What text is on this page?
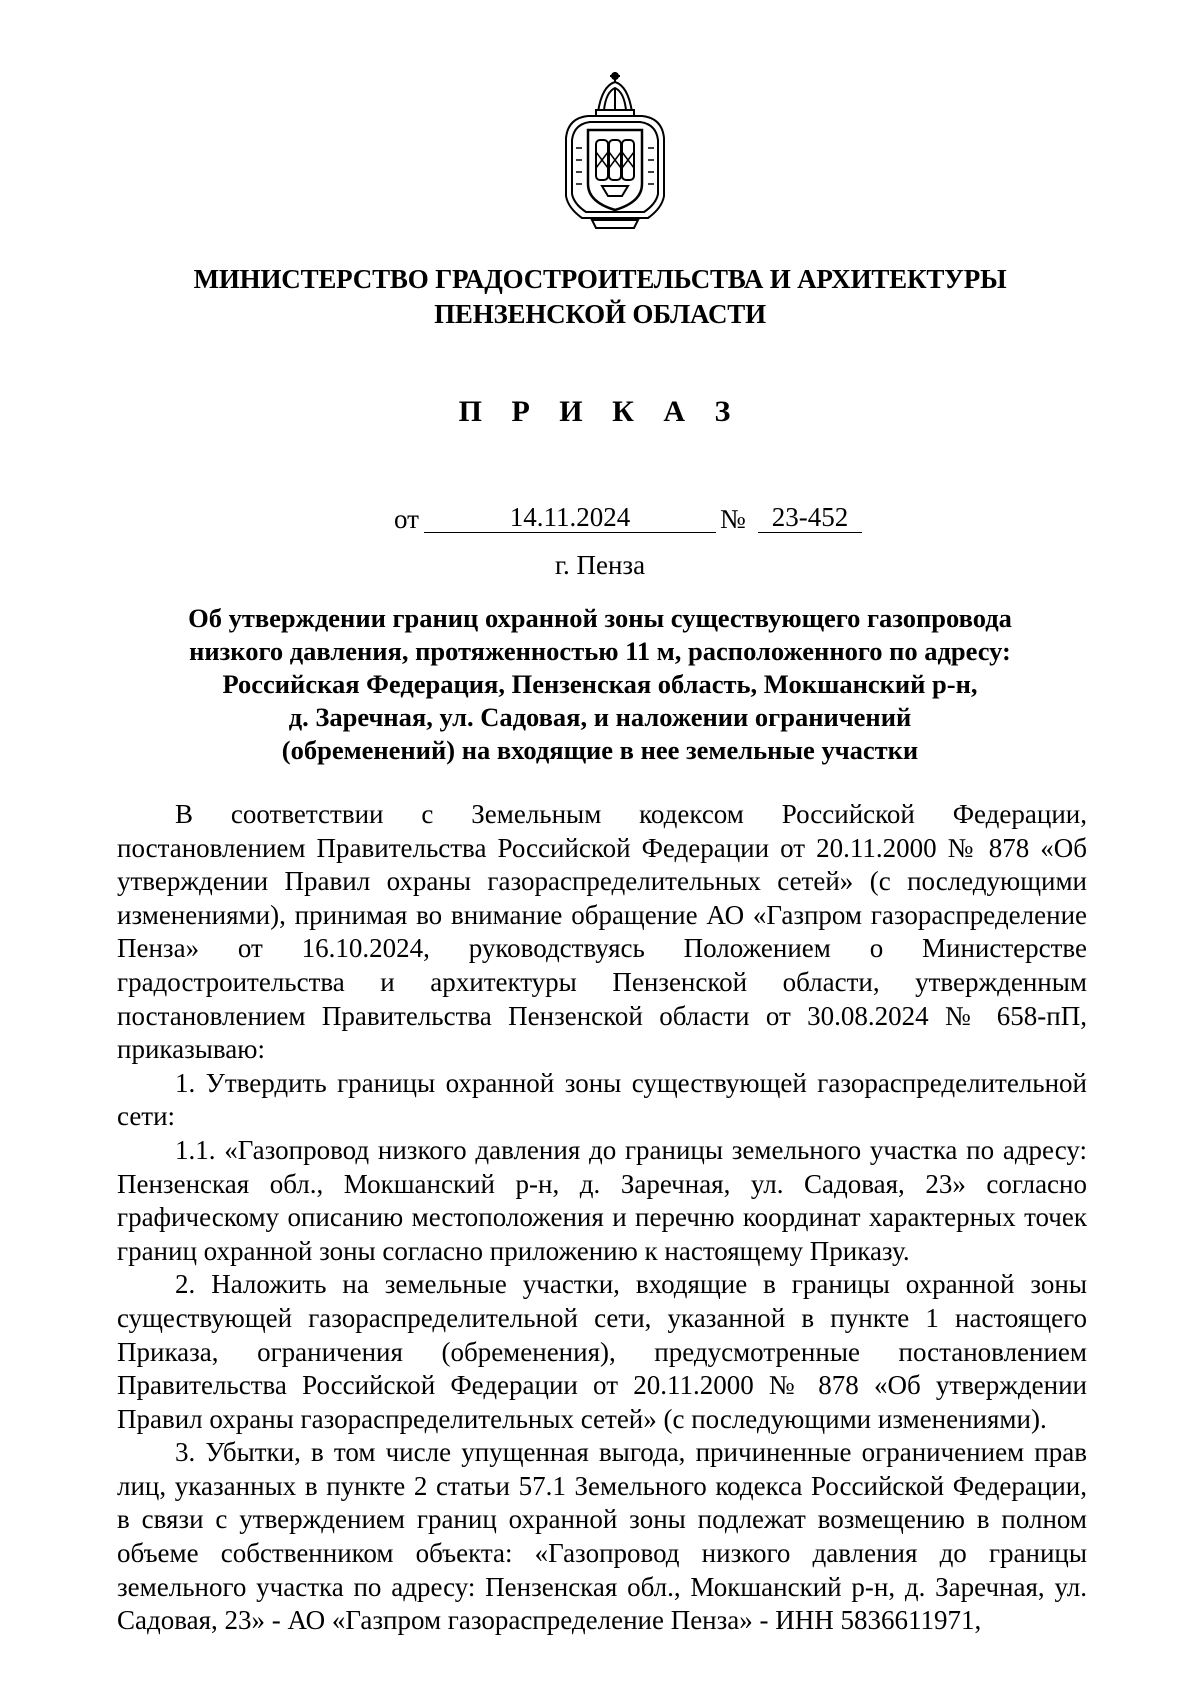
МИНИСТЕРСТВО ГРАДОСТРОИТЕЛЬСТВА И АРХИТЕКТУРЫ
ПЕНЗЕНСКОЙ ОБЛАСТИ
П Р И К А З
от	14.11.2024	№ 23-452
г. Пенза
Об утверждении границ охранной зоны существующего газопровода
низкого давления, протяженностью 11 м, расположенного по адресу:
Российская Федерация, Пензенская область, Мокшанский р-н,
д. Заречная, ул. Садовая, и наложении ограничений
(обременений) на входящие в нее земельные участки

В соответствии с Земельным кодексом Российской Федерации, постановлением Правительства Российской Федерации от 20.11.2000 № 878 «Об утверждении Правил охраны газораспределительных сетей» (с последующими изменениями), принимая во внимание обращение АО «Газпром газораспределение Пенза» от 16.10.2024, руководствуясь Положением о Министерстве градостроительства и архитектуры Пензенской области, утвержденным постановлением Правительства Пензенской области от 30.08.2024 № 658-пП, приказываю:

1. Утвердить границы охранной зоны существующей газораспределительной сети:

1.1. «Газопровод низкого давления до границы земельного участка по адресу: Пензенская обл., Мокшанский р-н, д. Заречная, ул. Садовая, 23» согласно графическому описанию местоположения и перечню координат характерных точек границ охранной зоны согласно приложению к настоящему Приказу.

2. Наложить на земельные участки, входящие в границы охранной зоны существующей газораспределительной сети, указанной в пункте 1 настоящего Приказа, ограничения (обременения), предусмотренные постановлением Правительства Российской Федерации от 20.11.2000 № 878 «Об утверждении Правил охраны газораспределительных сетей» (с последующими изменениями).

3. Убытки, в том числе упущенная выгода, причиненные ограничением прав лиц, указанных в пункте 2 статьи 57.1 Земельного кодекса Российской Федерации, в связи с утверждением границ охранной зоны подлежат возмещению в полном объеме собственником объекта: «Газопровод низкого давления до границы земельного участка по адресу: Пензенская обл., Мокшанский р-н, д. Заречная, ул. Садовая, 23» - АО «Газпром газораспределение Пенза» - ИНН 5836611971,
